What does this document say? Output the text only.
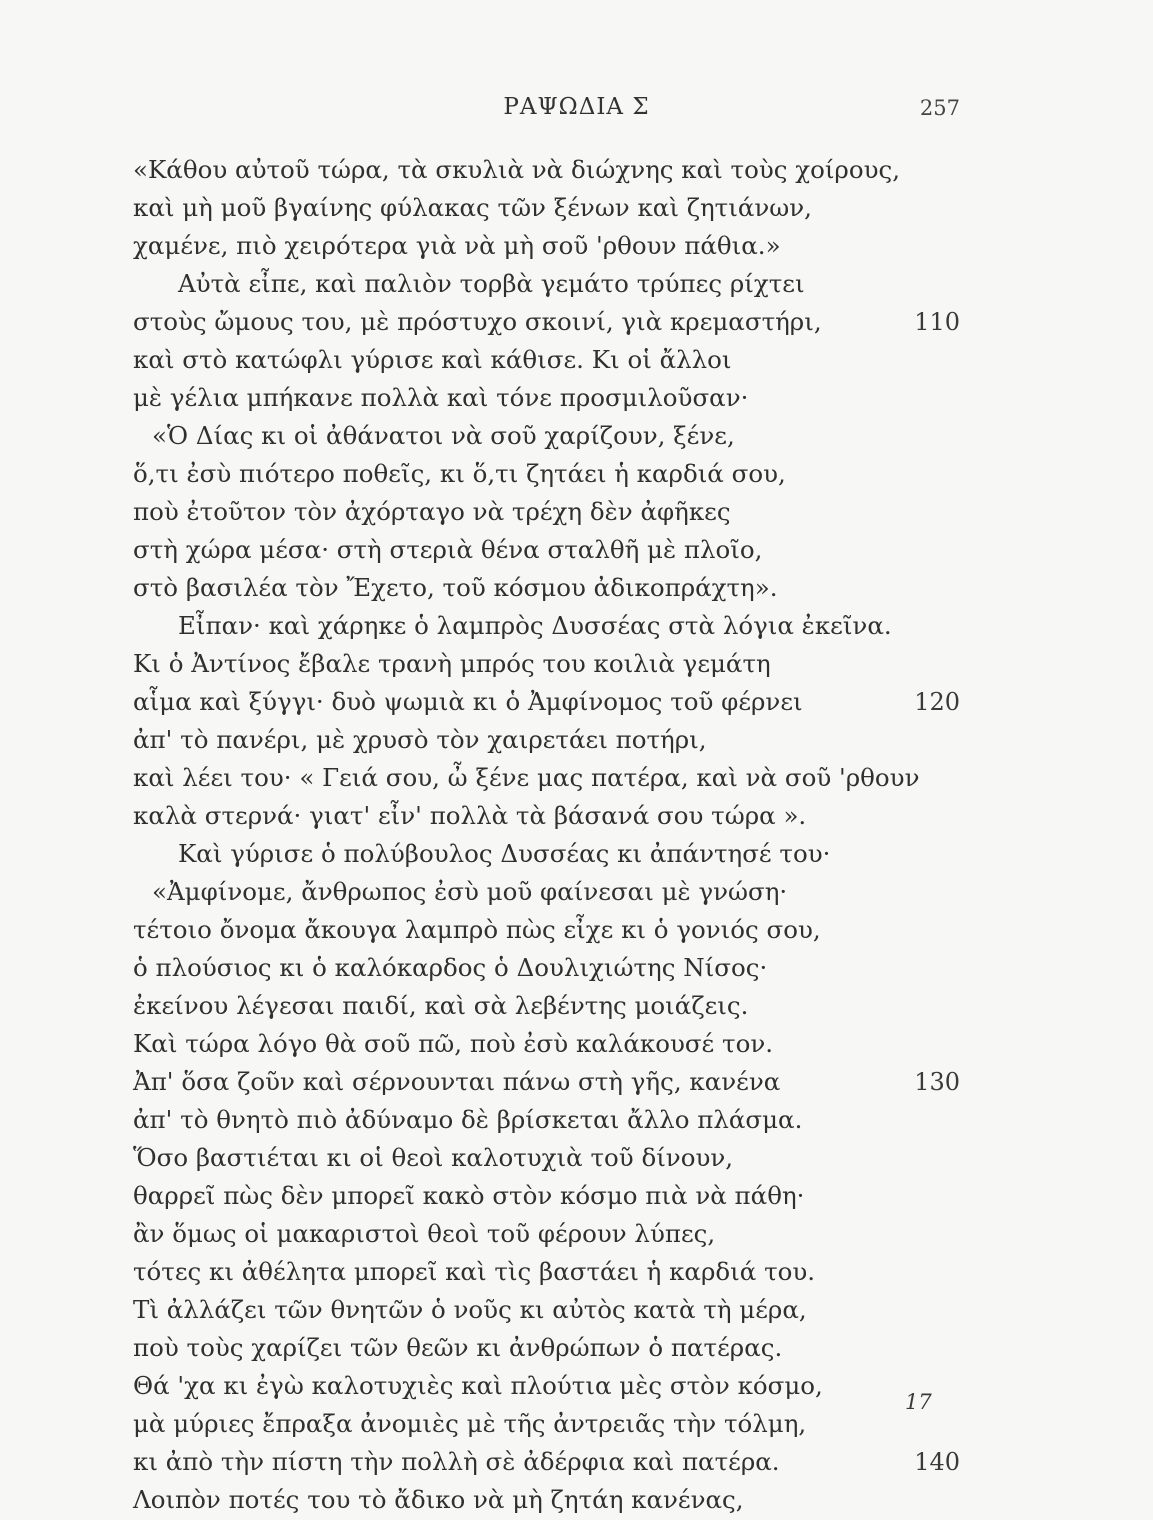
ΡΑΨΩΔΙΑ Σ	257
«Κάθου αὐτοῦ τώρα, τὰ σκυλιὰ νὰ διώχνης καὶ τοὺς χοίρους,
καὶ μὴ μοῦ βγαίνης φύλακας τῶν ξένων καὶ ζητιάνων,
χαμένε, πιὸ χειρότερα γιὰ νὰ μὴ σοῦ 'ρθουν πάθια.»
Αὐτὰ εἶπε, καὶ παλιὸν τορβὰ γεμάτο τρύπες ρίχτει
στοὺς ὤμους του, μὲ πρόστυχο σκοινί, γιὰ κρεμαστήρι,	110
καὶ στὸ κατώφλι γύρισε καὶ κάθισε. Κι οἱ ἄλλοι
μὲ γέλια μπήκανε πολλὰ καὶ τόνε προσμιλοῦσαν·
«Ὁ Δίας κι οἱ ἀθάνατοι νὰ σοῦ χαρίζουν, ξένε,
ὅ,τι ἐσὺ πιότερο ποθεῖς, κι ὅ,τι ζητάει ἡ καρδιά σου,
ποὺ ἐτοῦτον τὸν ἀχόρταγο νὰ τρέχη δὲν ἀφῆκες
στὴ χώρα μέσα· στὴ στεριὰ θένα σταλθῆ μὲ πλοῖο,
στὸ βασιλέα τὸν Ἔχετο, τοῦ κόσμου ἀδικοπράχτη».
Εἶπαν· καὶ χάρηκε ὁ λαμπρὸς Δυσσέας στὰ λόγια ἐκεῖνα.
Κι ὁ Ἀντίνος ἔβαλε τρανὴ μπρός του κοιλιὰ γεμάτη
αἷμα καὶ ξύγγι· δυὸ ψωμιὰ κι ὁ Ἀμφίνομος τοῦ φέρνει	120
ἀπ' τὸ πανέρι, μὲ χρυσὸ τὸν χαιρετάει ποτήρι,
καὶ λέει του· « Γειά σου, ὦ ξένε μας πατέρα, καὶ νὰ σοῦ 'ρθουν
καλὰ στερνά· γιατ' εἶν' πολλὰ τὰ βάσανά σου τώρα ».
Καὶ γύρισε ὁ πολύβουλος Δυσσέας κι ἀπάντησέ του·
«Ἀμφίνομε, ἄνθρωπος ἐσὺ μοῦ φαίνεσαι μὲ γνώση·
τέτοιο ὄνομα ἄκουγα λαμπρὸ πὼς εἶχε κι ὁ γονιός σου,
ὁ πλούσιος κι ὁ καλόκαρδος ὁ Δουλιχιώτης Νίσος·
ἐκείνου λέγεσαι παιδί, καὶ σὰ λεβέντης μοιάζεις.
Καὶ τώρα λόγο θὰ σοῦ πῶ, ποὺ ἐσὺ καλάκουσέ τον.
Ἀπ' ὅσα ζοῦν καὶ σέρνουνται πάνω στὴ γῆς, κανένα	130
ἀπ' τὸ θνητὸ πιὸ ἀδύναμο δὲ βρίσκεται ἄλλο πλάσμα.
Ὅσο βαστιέται κι οἱ θεοὶ καλοτυχιὰ τοῦ δίνουν,
θαρρεῖ πὼς δὲν μπορεῖ κακὸ στὸν κόσμο πιὰ νὰ πάθη·
ἂν ὅμως οἱ μακαριστοὶ θεοὶ τοῦ φέρουν λύπες,
τότες κι ἀθέλητα μπορεῖ καὶ τὶς βαστάει ἡ καρδιά του.
Τὶ ἀλλάζει τῶν θνητῶν ὁ νοῦς κι αὐτὸς κατὰ τὴ μέρα,
ποὺ τοὺς χαρίζει τῶν θεῶν κι ἀνθρώπων ὁ πατέρας.
Θά 'χα κι ἐγὼ καλοτυχιὲς καὶ πλούτια μὲς στὸν κόσμο,
μὰ μύριες ἔπραξα ἀνομιὲς μὲ τῆς ἀντρειᾶς τὴν τόλμη,
κι ἀπὸ τὴν πίστη τὴν πολλὴ σὲ ἀδέρφια καὶ πατέρα.	140
Λοιπὸν ποτές του τὸ ἄδικο νὰ μὴ ζητάη κανένας,
17
